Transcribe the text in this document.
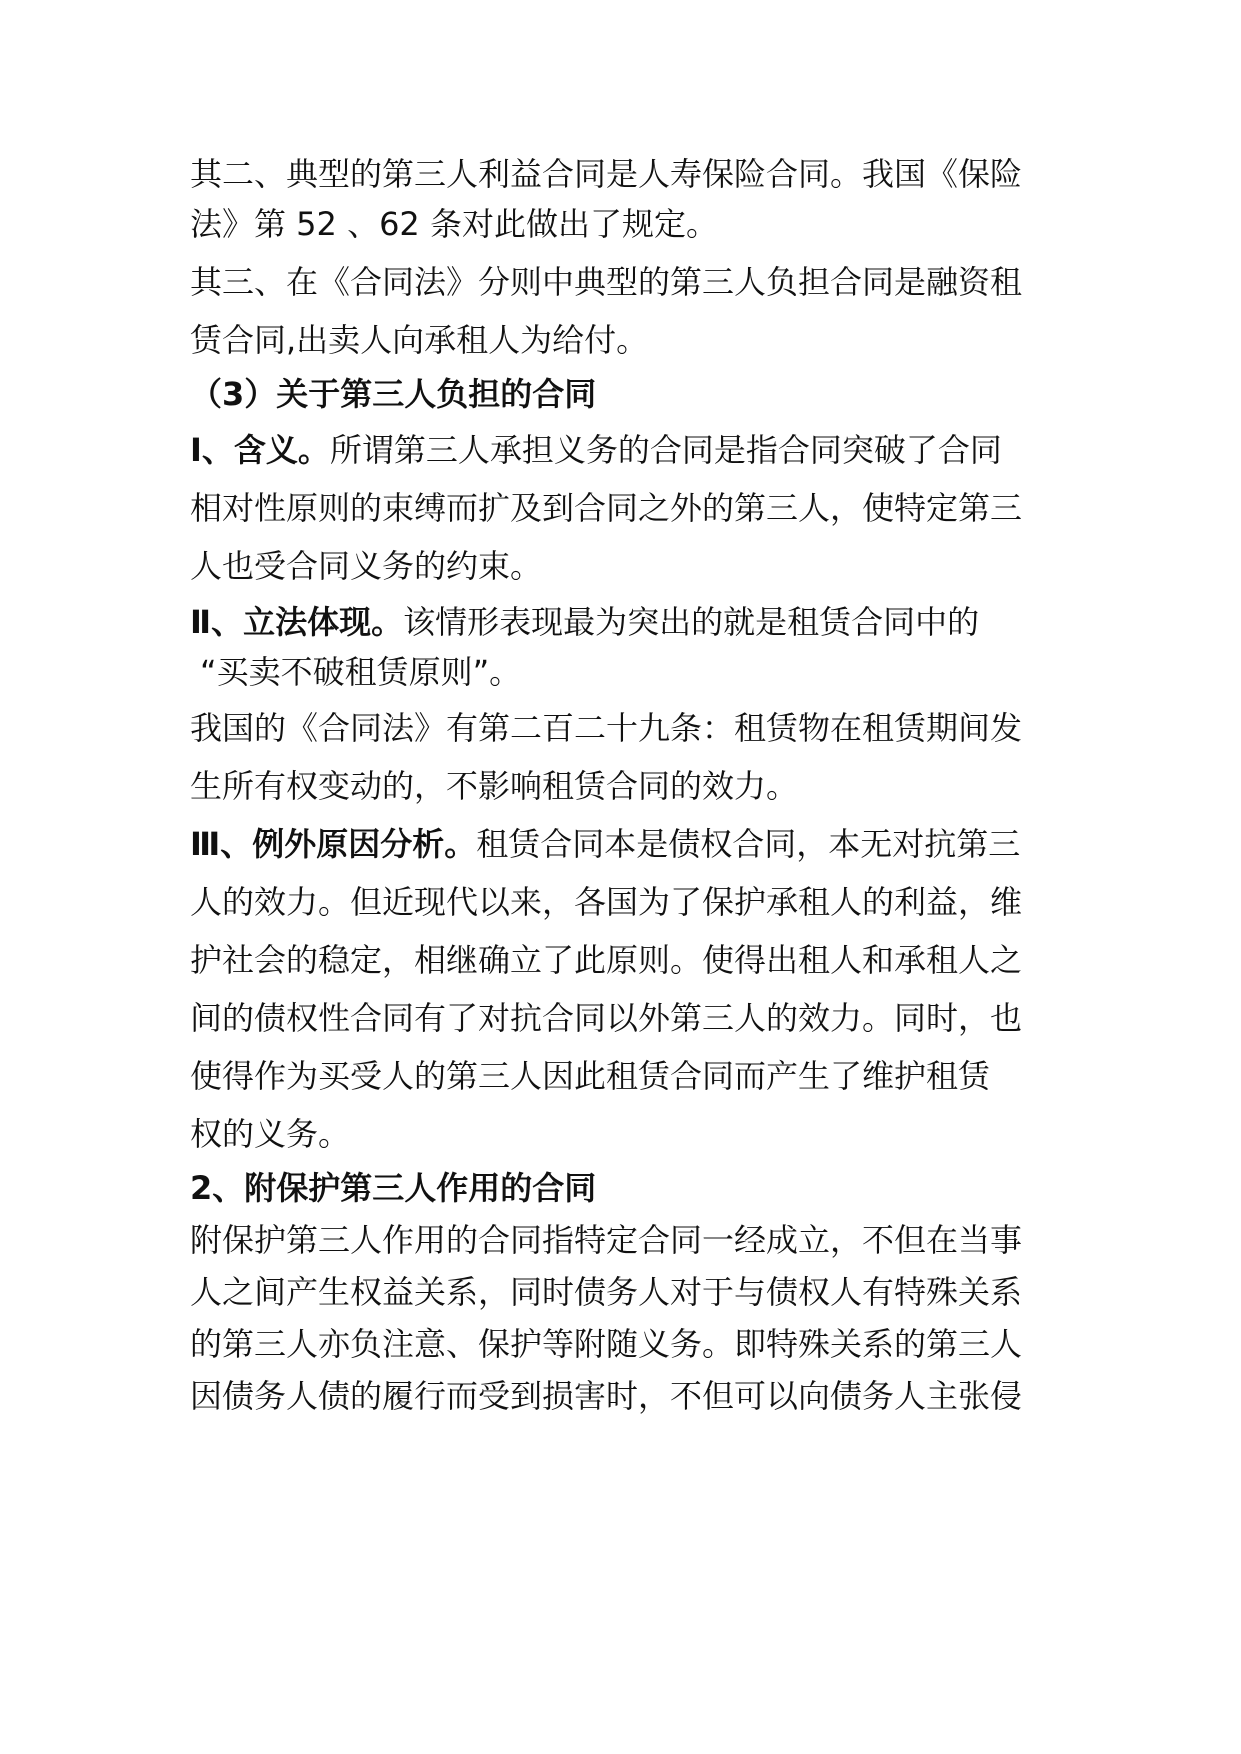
其二、典型的第三人利益合同是人寿保险合同。我国《保险
法》第 52 、62 条对此做出了规定。
其三、在《合同法》分则中典型的第三人负担合同是融资租
赁合同,出卖人向承租人为给付。
（3）关于第三人负担的合同
Ⅰ、含义。所谓第三人承担义务的合同是指合同突破了合同
相对性原则的束缚而扩及到合同之外的第三人，使特定第三
人也受合同义务的约束。
Ⅱ、立法体现。该情形表现最为突出的就是租赁合同中的
“买卖不破租赁原则”。
我国的《合同法》有第二百二十九条：租赁物在租赁期间发
生所有权变动的，不影响租赁合同的效力。
Ⅲ、例外原因分析。租赁合同本是债权合同，本无对抗第三
人的效力。但近现代以来，各国为了保护承租人的利益，维
护社会的稳定，相继确立了此原则。使得出租人和承租人之
间的债权性合同有了对抗合同以外第三人的效力。同时，也
使得作为买受人的第三人因此租赁合同而产生了维护租赁
权的义务。
2、附保护第三人作用的合同
附保护第三人作用的合同指特定合同一经成立，不但在当事
人之间产生权益关系，同时债务人对于与债权人有特殊关系
的第三人亦负注意、保护等附随义务。即特殊关系的第三人
因债务人债的履行而受到损害时，不但可以向债务人主张侵
